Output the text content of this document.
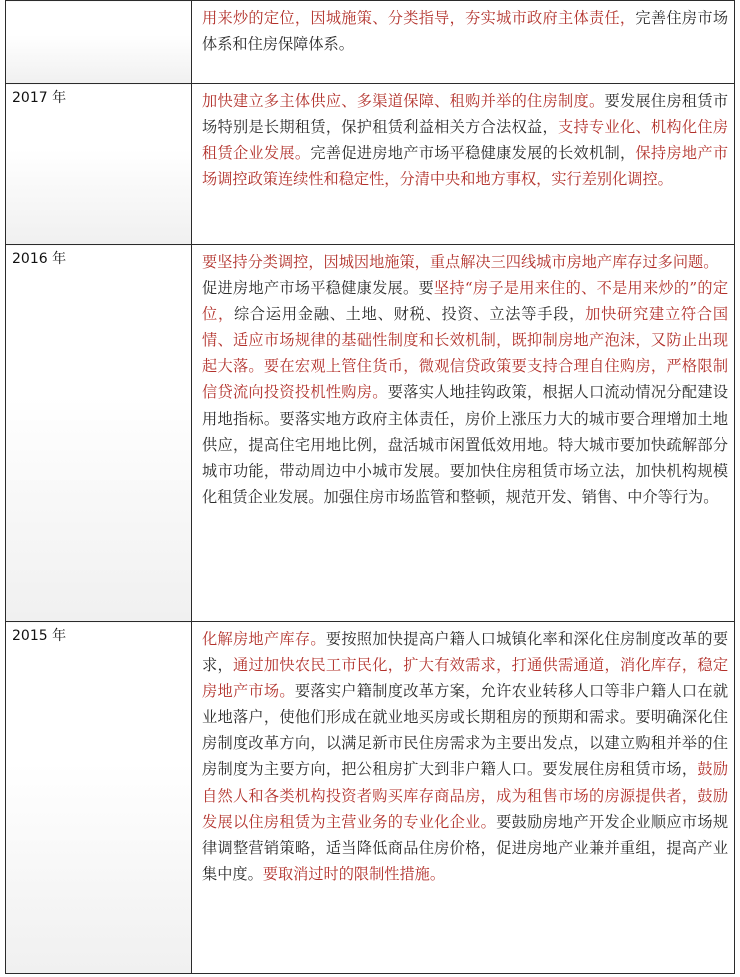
	用来炒的定位，因城施策、分类指导，夯实城市政府主体责任，完善住房市场体系和住房保障体系。

2017 年	加快建立多主体供应、多渠道保障、租购并举的住房制度。要发展住房租赁市场特别是长期租赁，保护租赁利益相关方合法权益，支持专业化、机构化住房租赁企业发展。完善促进房地产市场平稳健康发展的长效机制，保持房地产市场调控政策连续性和稳定性，分清中央和地方事权，实行差别化调控。

2016 年	要坚持分类调控，因城因地施策，重点解决三四线城市房地产库存过多问题。

促进房地产市场平稳健康发展。要坚持“房子是用来住的、不是用来炒的”的定位，综合运用金融、土地、财税、投资、立法等手段，加快研究建立符合国情、适应市场规律的基础性制度和长效机制，既抑制房地产泡沫，又防止出现起大落。要在宏观上管住货币，微观信贷政策要支持合理自住购房，严格限制信贷流向投资投机性购房。要落实人地挂钩政策，根据人口流动情况分配建设用地指标。要落实地方政府主体责任，房价上涨压力大的城市要合理增加土地供应，提高住宅用地比例，盘活城市闲置低效用地。特大城市要加快疏解部分城市功能，带动周边中小城市发展。要加快住房租赁市场立法，加快机构规模化租赁企业发展。加强住房市场监管和整顿，规范开发、销售、中介等行为。

2015 年	化解房地产库存。要按照加快提高户籍人口城镇化率和深化住房制度改革的要求，通过加快农民工市民化，扩大有效需求，打通供需通道，消化库存，稳定房地产市场。要落实户籍制度改革方案，允许农业转移人口等非户籍人口在就业地落户，使他们形成在就业地买房或长期租房的预期和需求。要明确深化住房制度改革方向，以满足新市民住房需求为主要出发点，以建立购租并举的住房制度为主要方向，把公租房扩大到非户籍人口。要发展住房租赁市场，鼓励自然人和各类机构投资者购买库存商品房，成为租售市场的房源提供者，鼓励发展以住房租赁为主营业务的专业化企业。要鼓励房地产开发企业顺应市场规律调整营销策略，适当降低商品住房价格，促进房地产业兼并重组，提高产业集中度。要取消过时的限制性措施。
